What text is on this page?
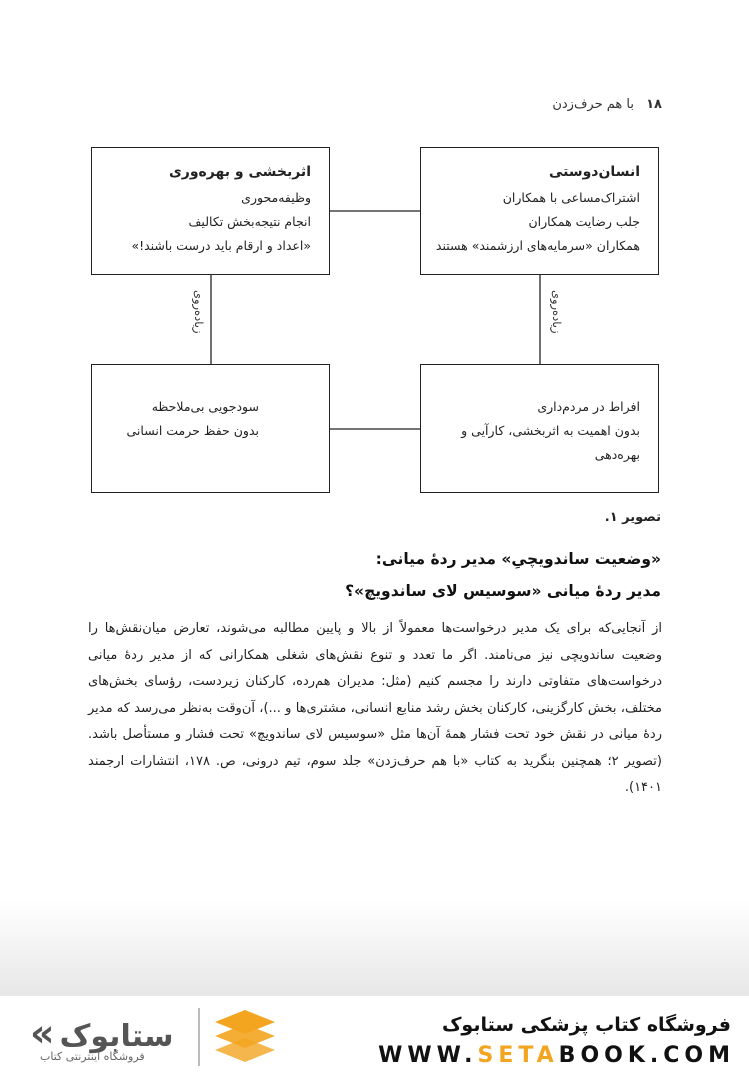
۱۸ با هم حرف‌زدن
انسان‌دوستی
اشتراک‌مساعی با همکاران
جلب رضایت همکاران
همکاران «سرمایه‌های ارزشمند» هستند
اثربخشی و بهره‌وری
وظیفه‌محوری
انجام نتیجه‌بخش تکالیف
«اعداد و ارقام باید درست باشند!»
افراط در مردم‌داری
بدون اهمیت به اثربخشی، کارآیی و بهره‌دهی
سودجویی بی‌ملاحظه
بدون حفظ حرمت انسانی
زیاده‌روی	زیاده‌روی
تصویر ۱.
«وضعیت ساندویچیِ» مدیر ردهٔ میانی:
مدیر ردهٔ میانی «سوسیس لای ساندویچ»؟
از آنجایی‌که برای یک مدیر درخواست‌ها معمولاً از بالا و پایین مطالبه می‌شوند، تعارض میان‌نقش‌ها را وضعیت ساندویچی نیز می‌نامند. اگر ما تعدد و تنوع نقش‌های شغلی همکارانی که از مدیر ردهٔ میانی درخواست‌های متفاوتی دارند را مجسم کنیم (مثل: مدیران هم‌رده، کارکنان زیردست، رؤسای بخش‌های مختلف، بخش کارگزینی، کارکنان بخش رشد منابع انسانی، مشتری‌ها و ...)، آن‌وقت به‌نظر می‌رسد که مدیر ردهٔ میانی در نقش خود تحت فشار همهٔ آن‌ها مثل «سوسیس لای ساندویچ» تحت فشار و مستأصل باشد. (تصویر ۲؛ همچنین بنگرید به کتاب «با هم حرف‌زدن» جلد سوم، تیم درونی، ص. ۱۷۸، انتشارات ارجمند ۱۴۰۱).
« ستابوک
فروشگاه اینترنتی کتاب
فروشگاه کتاب پزشکی ستابوک
WWW.SETABOOK.COM
